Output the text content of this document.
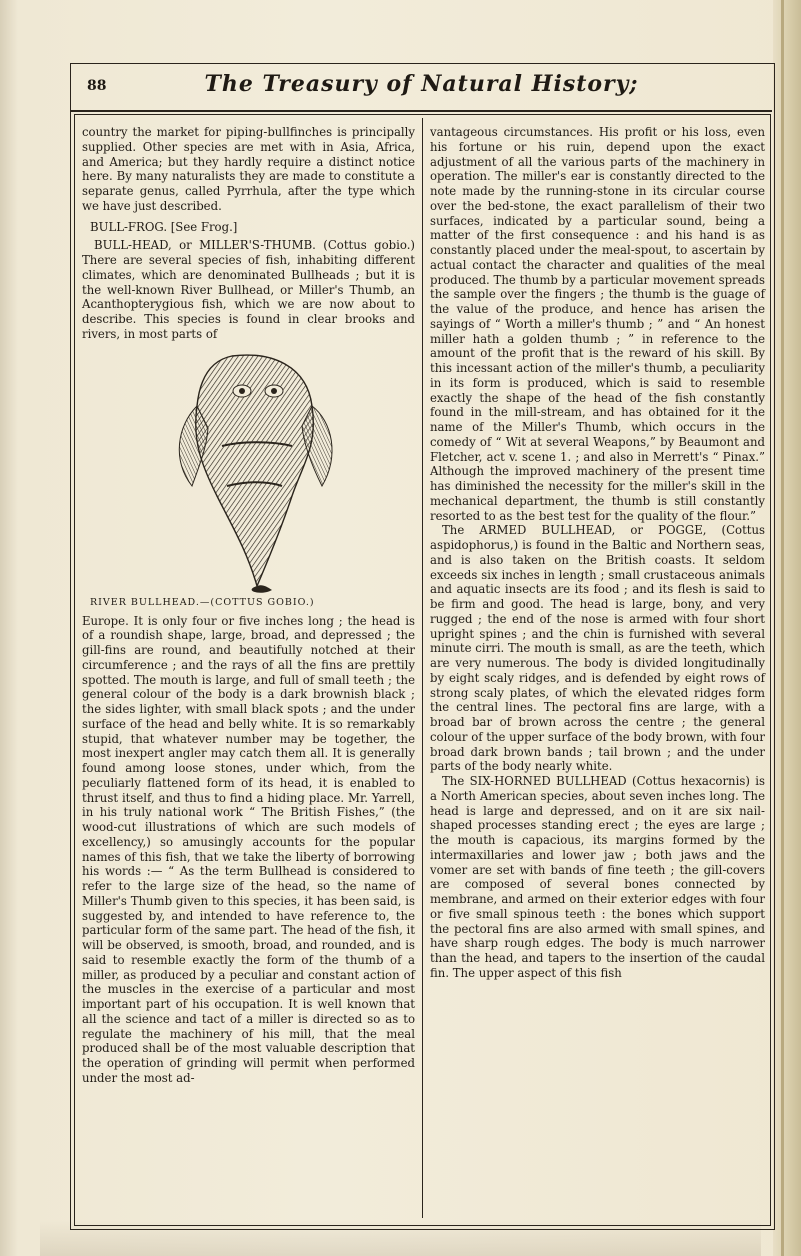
88	The Treasury of Natural History;

country the market for piping-bullfinches is principally supplied. Other species are met with in Asia, Africa, and America; but they hardly require a distinct notice here. By many naturalists they are made to constitute a separate genus, called Pyrrhula, after the type which we have just described.

BULL-FROG. [See Frog.]

BULL-HEAD, or MILLER'S-THUMB. (Cottus gobio.) There are several species of fish, inhabiting different climates, which are denominated Bullheads ; but it is the well-known River Bullhead, or Miller's Thumb, an Acanthopterygious fish, which we are now about to describe. This species is found in clear brooks and rivers, in most parts of

RIVER BULLHEAD.—(COTTUS GOBIO.)

Europe. It is only four or five inches long ; the head is of a roundish shape, large, broad, and depressed ; the gill-fins are round, and beautifully notched at their circumference ; and the rays of all the fins are prettily spotted. The mouth is large, and full of small teeth ; the general colour of the body is a dark brownish black ; the sides lighter, with small black spots ; and the under surface of the head and belly white. It is so remarkably stupid, that whatever number may be together, the most inexpert angler may catch them all. It is generally found among loose stones, under which, from the peculiarly flattened form of its head, it is enabled to thrust itself, and thus to find a hiding place. Mr. Yarrell, in his truly national work “ The British Fishes,” (the wood-cut illustrations of which are such models of excellency,) so amusingly accounts for the popular names of this fish, that we take the liberty of borrowing his words :— “ As the term Bullhead is considered to refer to the large size of the head, so the name of Miller's Thumb given to this species, it has been said, is suggested by, and intended to have reference to, the particular form of the same part. The head of the fish, it will be observed, is smooth, broad, and rounded, and is said to resemble exactly the form of the thumb of a miller, as produced by a peculiar and constant action of the muscles in the exercise of a particular and most important part of his occupation. It is well known that all the science and tact of a miller is directed so as to regulate the machinery of his mill, that the meal produced shall be of the most valuable description that the operation of grinding will permit when performed under the most ad-

vantageous circumstances. His profit or his loss, even his fortune or his ruin, depend upon the exact adjustment of all the various parts of the machinery in operation. The miller's ear is constantly directed to the note made by the running-stone in its circular course over the bed-stone, the exact parallelism of their two surfaces, indicated by a particular sound, being a matter of the first consequence : and his hand is as constantly placed under the meal-spout, to ascertain by actual contact the character and qualities of the meal produced. The thumb by a particular movement spreads the sample over the fingers ; the thumb is the guage of the value of the produce, and hence has arisen the sayings of “ Worth a miller's thumb ; ” and “ An honest miller hath a golden thumb ; ” in reference to the amount of the profit that is the reward of his skill. By this incessant action of the miller's thumb, a peculiarity in its form is produced, which is said to resemble exactly the shape of the head of the fish constantly found in the mill-stream, and has obtained for it the name of the Miller's Thumb, which occurs in the comedy of “ Wit at several Weapons,” by Beaumont and Fletcher, act v. scene 1. ; and also in Merrett's “ Pinax.” Although the improved machinery of the present time has diminished the necessity for the miller's skill in the mechanical department, the thumb is still constantly resorted to as the best test for the quality of the flour.”

The ARMED BULLHEAD, or POGGE, (Cottus aspidophorus,) is found in the Baltic and Northern seas, and is also taken on the British coasts. It seldom exceeds six inches in length ; small crustaceous animals and aquatic insects are its food ; and its flesh is said to be firm and good. The head is large, bony, and very rugged ; the end of the nose is armed with four short upright spines ; and the chin is furnished with several minute cirri. The mouth is small, as are the teeth, which are very numerous. The body is divided longitudinally by eight scaly ridges, and is defended by eight rows of strong scaly plates, of which the elevated ridges form the central lines. The pectoral fins are large, with a broad bar of brown across the centre ; the general colour of the upper surface of the body brown, with four broad dark brown bands ; tail brown ; and the under parts of the body nearly white.

The SIX-HORNED BULLHEAD (Cottus hexacornis) is a North American species, about seven inches long. The head is large and depressed, and on it are six nail-shaped processes standing erect ; the eyes are large ; the mouth is capacious, its margins formed by the intermaxillaries and lower jaw ; both jaws and the vomer are set with bands of fine teeth ; the gill-covers are composed of several bones connected by membrane, and armed on their exterior edges with four or five small spinous teeth : the bones which support the pectoral fins are also armed with small spines, and have sharp rough edges. The body is much narrower than the head, and tapers to the insertion of the caudal fin. The upper aspect of this fish
